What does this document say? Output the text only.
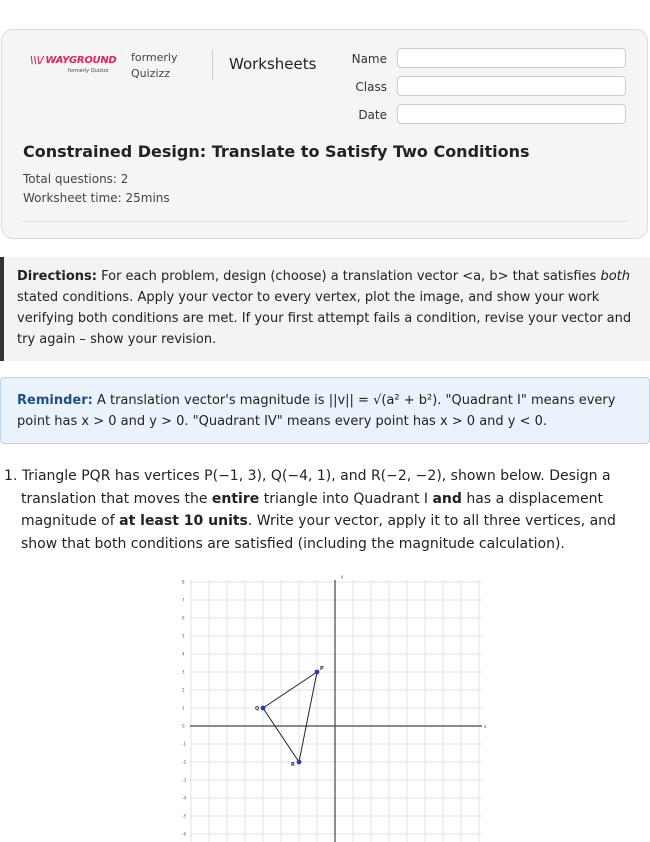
\\\/ WAYGROUND
formerly Quizizz
formerly
Quizizz
Worksheets	Name
Class
Date
Constrained Design: Translate to Satisfy Two Conditions
Total questions: 2
Worksheet time: 25mins
Directions: For each problem, design (choose) a translation vector <a, b> that satisfies both stated conditions. Apply your vector to every vertex, plot the image, and show your work verifying both conditions are met. If your first attempt fails a condition, revise your vector and try again – show your revision.
Reminder: A translation vector's magnitude is ||v|| = √(a² + b²). "Quadrant I" means every point has x > 0 and y > 0. "Quadrant IV" means every point has x > 0 and y < 0.
1. Triangle PQR has vertices P(−1, 3), Q(−4, 1), and R(−2, −2), shown below. Design a translation that moves the entire triangle into Quadrant I and has a displacement magnitude of at least 10 units. Write your vector, apply it to all three vertices, and show that both conditions are satisfied (including the magnitude calculation).
x
y
8
7
6
5
4
3
2
1
0
-1
-2
-3
-4
-5
-6
P
Q
R
